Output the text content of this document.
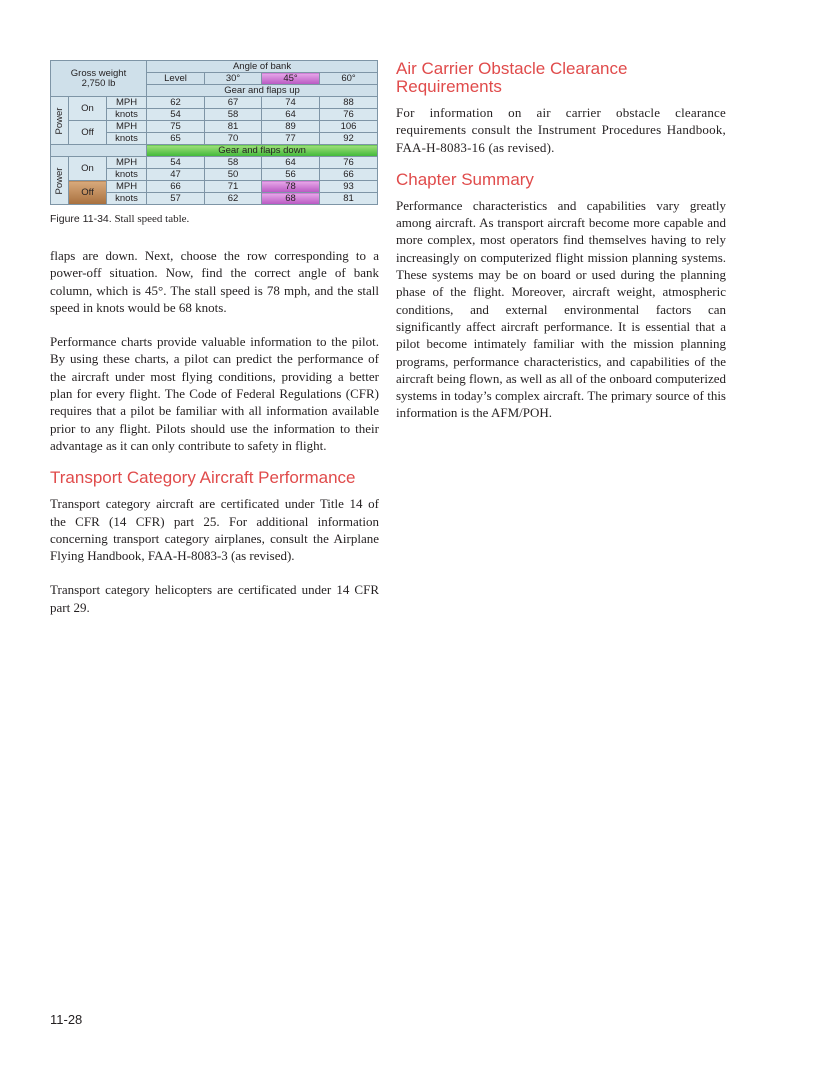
Gross weight
2,750 lb			Angle of bank			
			Level	30°	45°	60°
			Gear and flaps up			

Power	On	MPH	62	67	74	88
		knots	54	58	64	76
	Off	MPH	75	81	89	106
		knots	65	70	77	92
			Gear and flaps down			

Power	On	MPH	54	58	64	76
		knots	47	50	56	66
	Off	MPH	66	71	78	93
		knots	57	62	68	81

Figure 11-34. Stall speed table.

flaps are down. Next, choose the row corresponding to a power-off situation. Now, find the correct angle of bank column, which is 45°. The stall speed is 78 mph, and the stall speed in knots would be 68 knots.

Performance charts provide valuable information to the pilot. By using these charts, a pilot can predict the performance of the aircraft under most flying conditions, providing a better plan for every flight. The Code of Federal Regulations (CFR) requires that a pilot be familiar with all information available prior to any flight. Pilots should use the information to their advantage as it can only contribute to safety in flight.

Transport Category Aircraft Performance

Transport category aircraft are certificated under Title 14 of the CFR (14 CFR) part 25. For additional information concerning transport category airplanes, consult the Airplane Flying Handbook, FAA-H-8083-3 (as revised).

Transport category helicopters are certificated under 14 CFR part 29.

Air Carrier Obstacle Clearance Requirements

For information on air carrier obstacle clearance requirements consult the Instrument Procedures Handbook, FAA-H-8083-16 (as revised).

Chapter Summary

Performance characteristics and capabilities vary greatly among aircraft. As transport aircraft become more capable and more complex, most operators find themselves having to rely increasingly on computerized flight mission planning systems. These systems may be on board or used during the planning phase of the flight. Moreover, aircraft weight, atmospheric conditions, and external environmental factors can significantly affect aircraft performance. It is essential that a pilot become intimately familiar with the mission planning programs, performance characteristics, and capabilities of the aircraft being flown, as well as all of the onboard computerized systems in today’s complex aircraft. The primary source of this information is the AFM/POH.

11-28
